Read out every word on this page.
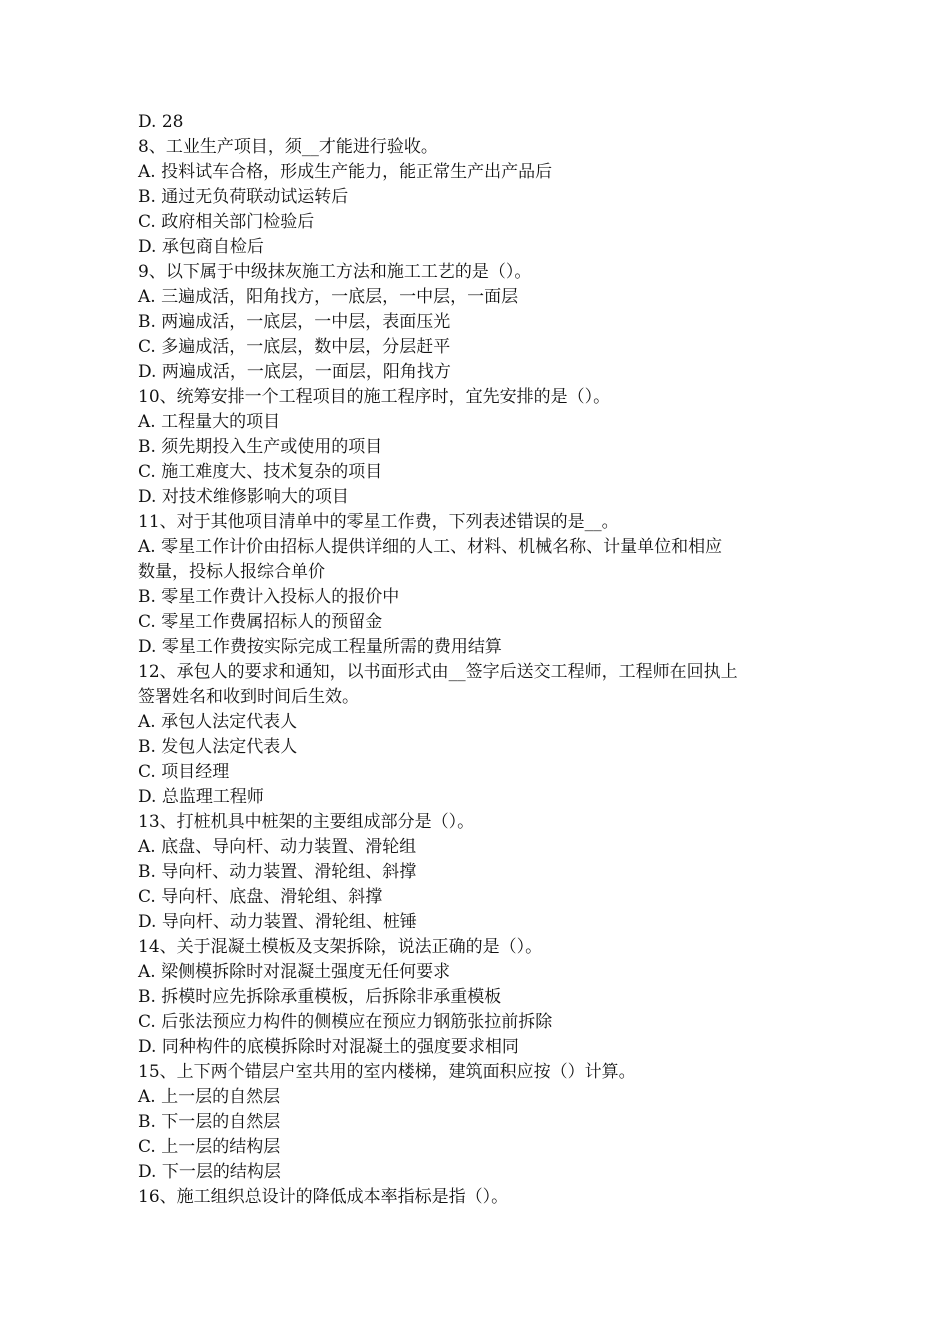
D. 28
8、工业生产项目，须__才能进行验收。
A. 投料试车合格，形成生产能力，能正常生产出产品后
B. 通过无负荷联动试运转后
C. 政府相关部门检验后
D. 承包商自检后
9、以下属于中级抹灰施工方法和施工工艺的是（）。
A. 三遍成活，阳角找方，一底层，一中层，一面层
B. 两遍成活，一底层，一中层，表面压光
C. 多遍成活，一底层，数中层，分层赶平
D. 两遍成活，一底层，一面层，阳角找方
10、统筹安排一个工程项目的施工程序时，宜先安排的是（）。
A. 工程量大的项目
B. 须先期投入生产或使用的项目
C. 施工难度大、技术复杂的项目
D. 对技术维修影响大的项目
11、对于其他项目清单中的零星工作费，下列表述错误的是__。
A. 零星工作计价由招标人提供详细的人工、材料、机械名称、计量单位和相应
数量，投标人报综合单价
B. 零星工作费计入投标人的报价中
C. 零星工作费属招标人的预留金
D. 零星工作费按实际完成工程量所需的费用结算
12、承包人的要求和通知，以书面形式由__签字后送交工程师，工程师在回执上
签署姓名和收到时间后生效。
A. 承包人法定代表人
B. 发包人法定代表人
C. 项目经理
D. 总监理工程师
13、打桩机具中桩架的主要组成部分是（）。
A. 底盘、导向杆、动力装置、滑轮组
B. 导向杆、动力装置、滑轮组、斜撑
C. 导向杆、底盘、滑轮组、斜撑
D. 导向杆、动力装置、滑轮组、桩锤
14、关于混凝土模板及支架拆除，说法正确的是（）。
A. 梁侧模拆除时对混凝土强度无任何要求
B. 拆模时应先拆除承重模板，后拆除非承重模板
C. 后张法预应力构件的侧模应在预应力钢筋张拉前拆除
D. 同种构件的底模拆除时对混凝土的强度要求相同
15、上下两个错层户室共用的室内楼梯，建筑面积应按（）计算。
A. 上一层的自然层
B. 下一层的自然层
C. 上一层的结构层
D. 下一层的结构层
16、施工组织总设计的降低成本率指标是指（）。
